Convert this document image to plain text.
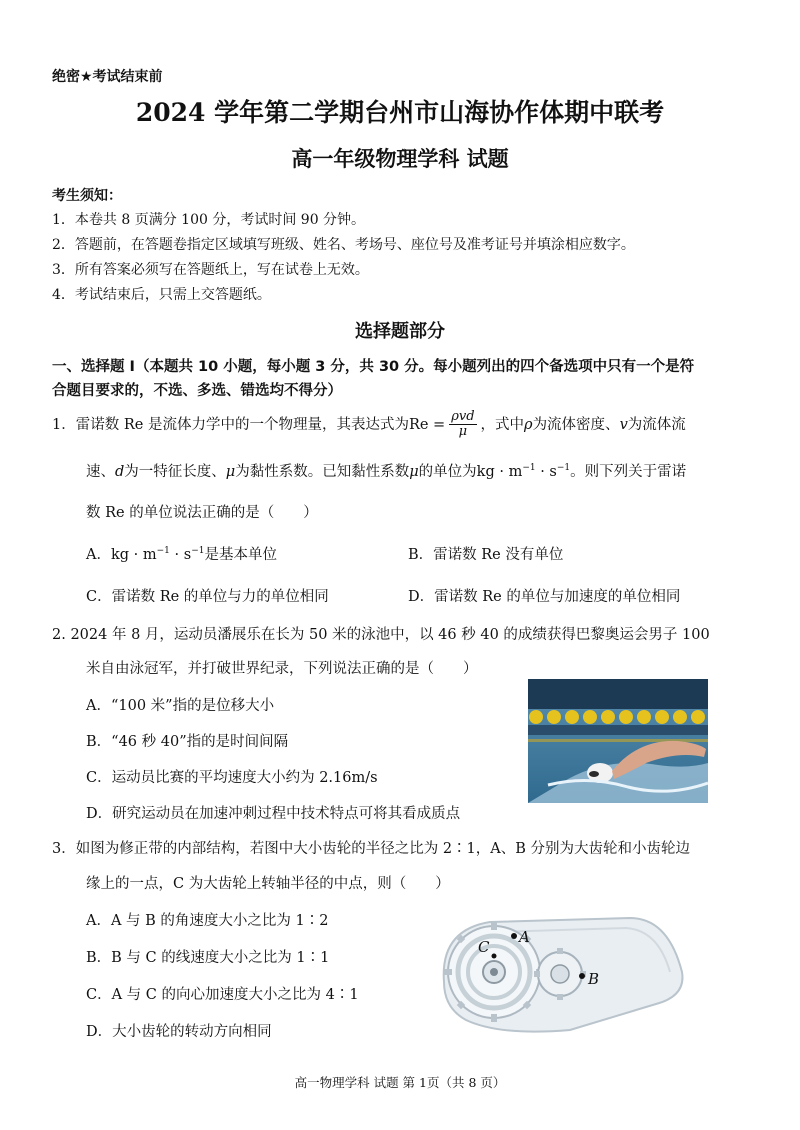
绝密★考试结束前
2024 学年第二学期台州市山海协作体期中联考
高一年级物理学科 试题
考生须知：
1．本卷共 8 页满分 100 分，考试时间 90 分钟。
2．答题前，在答题卷指定区域填写班级、姓名、考场号、座位号及准考证号并填涂相应数字。
3．所有答案必须写在答题纸上，写在试卷上无效。
4．考试结束后，只需上交答题纸。
选择题部分
一、选择题 I（本题共 10 小题，每小题 3 分，共 30 分。每小题列出的四个备选项中只有一个是符
合题目要求的，不选、多选、错选均不得分）
1．雷诺数 Re 是流体力学中的一个物理量，其表达式为$Re = \frac{\text{ρvd}}{\mu}$ ，式中ρ为流体密度、v为流体流
速、d为一特征长度、μ为黏性系数。已知黏性系数μ的单位为kg · $m^{-1} \cdot s^{-1}$。则下列关于雷诺
数 Re 的单位说法正确的是（　　）
A．kg · $m^{-1} \cdot s^{-1}$是基本单位	B．雷诺数 Re 没有单位
C．雷诺数 Re 的单位与力的单位相同	D．雷诺数 Re 的单位与加速度的单位相同
2. 2024 年 8 月，运动员潘展乐在长为 50 米的泳池中，以 46 秒 40 的成绩获得巴黎奥运会男子 100
米自由泳冠军，并打破世界纪录，下列说法正确的是（　　）
A．“100 米”指的是位移大小
B．“46 秒 40”指的是时间间隔
C．运动员比赛的平均速度大小约为 2.16m/s
D．研究运动员在加速冲刺过程中技术特点可将其看成质点
3．如图为修正带的内部结构，若图中大小齿轮的半径之比为 2∶1，A、B 分别为大齿轮和小齿轮边
缘上的一点，C 为大齿轮上转轴半径的中点，则（　　）
A．A 与 B 的角速度大小之比为 1∶2
B．B 与 C 的线速度大小之比为 1∶1
C．A 与 C 的向心加速度大小之比为 4∶1
D．大小齿轮的转动方向相同
A
B
C
高一物理学科 试题 第 1页（共 8 页）
